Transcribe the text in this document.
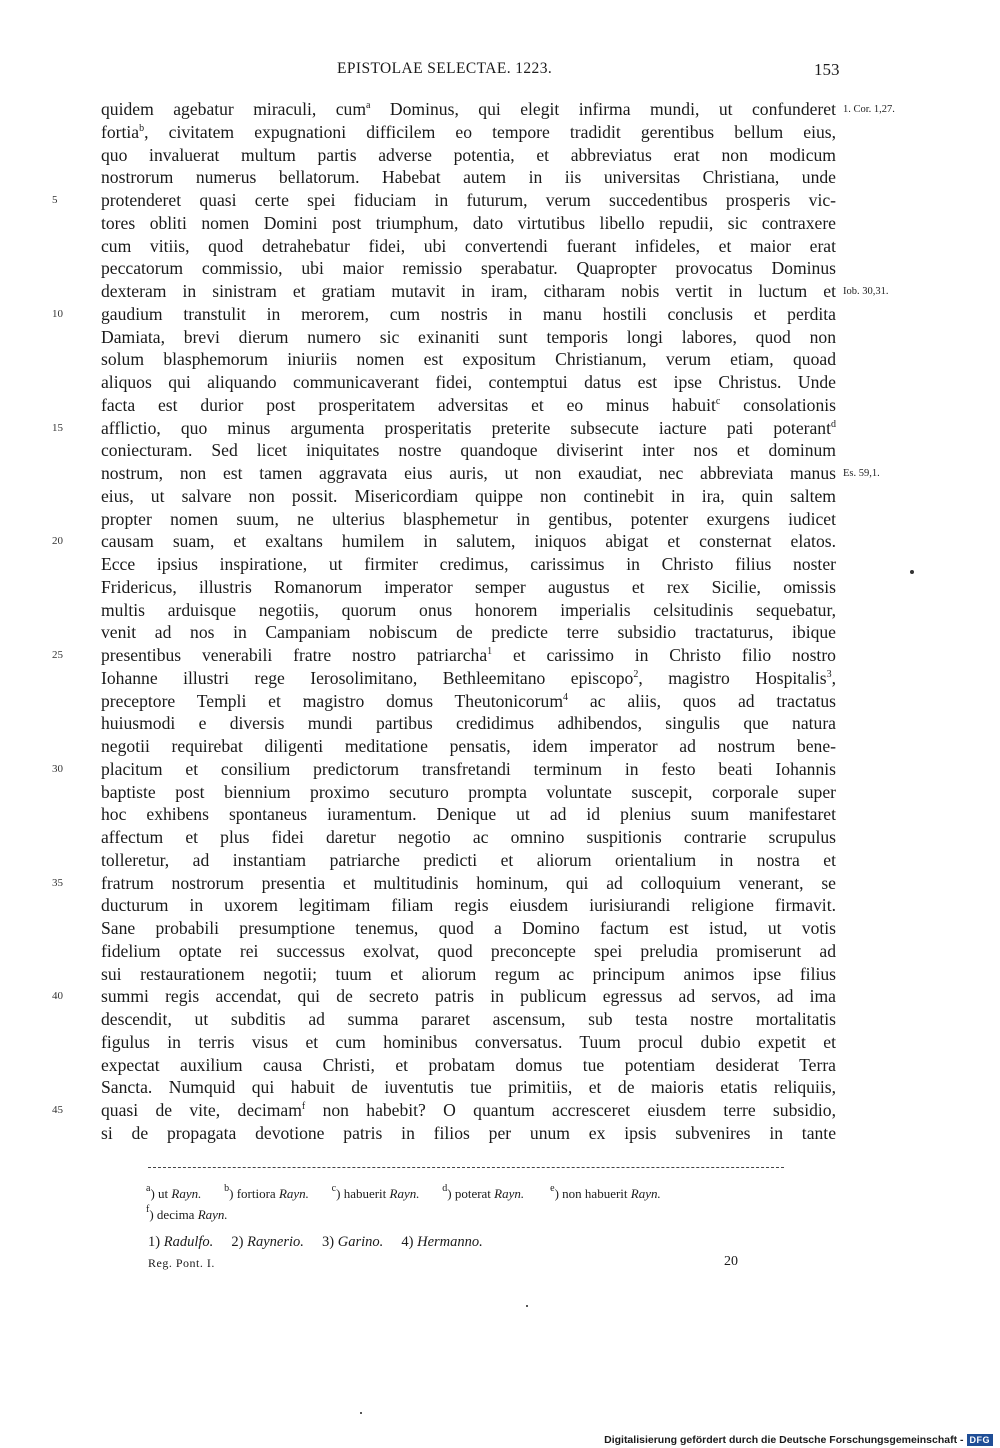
EPISTOLAE SELECTAE. 1223.	153
quidem agebatur miraculi, cum$^a$ Dominus, qui elegit infirma mundi, ut confunderet 1. Cor. 1,27.
fortia$^b$, civitatem expugnationi difficilem eo tempore tradidit gerentibus bellum eius,
quo invaluerat multum partis adverse potentia, et abbreviatus erat non modicum
nostrorum numerus bellatorum. Habebat autem in iis universitas Christiana, unde
5	protenderet quasi certe spei fiduciam in futurum, verum succedentibus prosperis vic-
tores obliti nomen Domini post triumphum, dato virtutibus libello repudii, sic contraxere
cum vitiis, quod detrahebatur fidei, ubi convertendi fuerant infideles, et maior erat
peccatorum commissio, ubi maior remissio sperabatur. Quapropter provocatus Dominus
dexteram in sinistram et gratiam mutavit in iram, citharam nobis vertit in luctum et Iob. 30,31.
10	gaudium transtulit in merorem, cum nostris in manu hostili conclusis et perdita
Damiata, brevi dierum numero sic exinaniti sunt temporis longi labores, quod non
solum blasphemorum iniuriis nomen est expositum Christianum, verum etiam, quoad
aliquos qui aliquando communicaverant fidei, contemptui datus est ipse Christus. Unde
facta est durior post prosperitatem adversitas et eo minus habuit$^c$ consolationis
15	afflictio, quo minus argumenta prosperitatis preterite subsecute iacture pati poterant$^d$
coniecturam. Sed licet iniquitates nostre quandoque diviserint inter nos et dominum
nostrum, non est tamen aggravata eius auris, ut non exaudiat, nec abbreviata manus Es. 59,1.
eius, ut salvare non possit. Misericordiam quippe non continebit in ira, quin saltem
propter nomen suum, ne ulterius blasphemetur in gentibus, potenter exurgens iudicet
20	causam suam, et exaltans humilem in salutem, iniquos abigat et consternat elatos.
Ecce ipsius inspiratione, ut firmiter credimus, carissimus in Christo filius noster
Fridericus, illustris Romanorum imperator semper augustus et rex Sicilie, omissis
multis arduisque negotiis, quorum onus honorem imperialis celsitudinis sequebatur,
venit ad nos in Campaniam nobiscum de predicte terre subsidio tractaturus, ibique
25	presentibus venerabili fratre nostro patriarcha$^1$ et carissimo in Christo filio nostro
Iohanne illustri rege Ierosolimitano, Bethleemitano episcopo$^2$, magistro Hospitalis$^3$,
preceptore Templi et magistro domus Theutonicorum$^4$ ac aliis, quos ad tractatus
huiusmodi e diversis mundi partibus credidimus adhibendos, singulis que natura
negotii requirebat diligenti meditatione pensatis, idem imperator ad nostrum bene-
30	placitum et consilium predictorum transfretandi terminum in festo beati Iohannis
baptiste post biennium proximo secuturo prompta voluntate suscepit, corporale super
hoc exhibens spontaneus iuramentum. Denique ut ad id plenius suum manifestaret
affectum et plus fidei daretur negotio ac omnino suspitionis contrarie scrupulus
tolleretur, ad instantiam patriarche predicti et aliorum orientalium in nostra et
35	fratrum nostrorum presentia et multitudinis hominum, qui ad colloquium venerant, se
ducturum in uxorem legitimam filiam regis eiusdem iurisiurandi religione firmavit.
Sane probabili presumptione tenemus, quod a Domino factum est istud, ut votis
fidelium optate rei successus exolvat, quod preconcepte spei preludia promiserunt ad
sui restaurationem negotii; tuum et aliorum regum ac principum animos ipse filius
40	summi regis accendat, qui de secreto patris in publicum egressus ad servos, ad ima
descendit, ut subditis ad summa pararet ascensum, sub testa nostre mortalitatis
figulus in terris visus et cum hominibus conversatus. Tuum procul dubio expetit et
expectat auxilium causa Christi, et probatam domus tue potentiam desiderat Terra
Sancta. Numquid qui habuit de iuventutis tue primitiis, et de maioris etatis reliquiis,
45	quasi de vite, decimam$^f$ non habebit? O quantum accresceret eiusdem terre subsidio,
si de propagata devotione patris in filios per unum ex ipsis subvenires in tante
$^a$) ut Rayn. $^b$) fortiora Rayn. $^c$) habuerit Rayn. $^d$) poterat Rayn.	$^e$) non habuerit Rayn.
$^f$) decima Rayn.
1) Radulfo.     2) Raynerio.     3) Garino.     4) Hermanno.
Reg. Pont. I.	20
Digitalisierung gefördert durch die Deutsche Forschungsgemeinschaft - DFG
